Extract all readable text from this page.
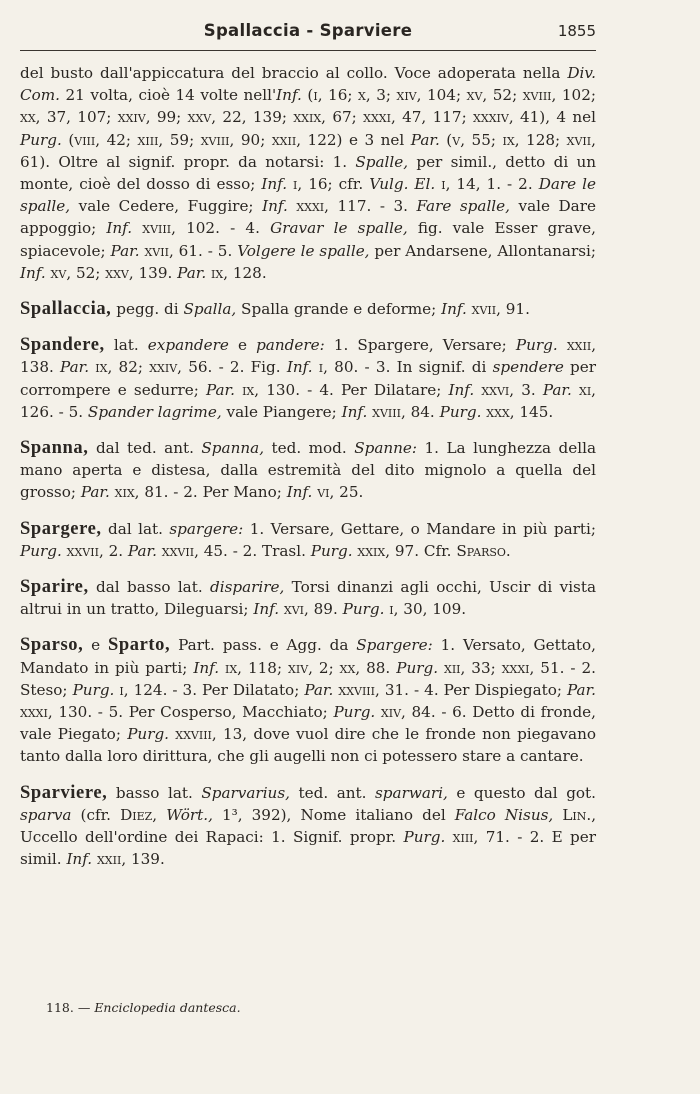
Spallaccia - Sparviere	1855

del busto dall'appiccatura del braccio al collo. Voce adoperata nella Div. Com. 21 volta, cioè 14 volte nell'Inf. (i, 16; x, 3; xiv, 104; xv, 52; xviii, 102; xx, 37, 107; xxiv, 99; xxv, 22, 139; xxix, 67; xxxi, 47, 117; xxxiv, 41), 4 nel Purg. (viii, 42; xiii, 59; xviii, 90; xxii, 122) e 3 nel Par. (v, 55; ix, 128; xvii, 61). Oltre al signif. propr. da notarsi: 1. Spalle, per simil., detto di un monte, cioè del dosso di esso; Inf. i, 16; cfr. Vulg. El. i, 14, 1. - 2. Dare le spalle, vale Cedere, Fuggire; Inf. xxxi, 117. - 3. Fare spalle, vale Dare appoggio; Inf. xviii, 102. - 4. Gravar le spalle, fig. vale Esser grave, spiacevole; Par. xvii, 61. - 5. Volgere le spalle, per Andarsene, Allontanarsi; Inf. xv, 52; xxv, 139. Par. ix, 128.

Spallaccia, pegg. di Spalla, Spalla grande e deforme; Inf. xvii, 91.

Spandere, lat. expandere e pandere: 1. Spargere, Versare; Purg. xxii, 138. Par. ix, 82; xxiv, 56. - 2. Fig. Inf. i, 80. - 3. In signif. di spendere per corrompere e sedurre; Par. ix, 130. - 4. Per Dilatare; Inf. xxvi, 3. Par. xi, 126. - 5. Spander lagrime, vale Piangere; Inf. xviii, 84. Purg. xxx, 145.

Spanna, dal ted. ant. Spanna, ted. mod. Spanne: 1. La lunghezza della mano aperta e distesa, dalla estremità del dito mignolo a quella del grosso; Par. xix, 81. - 2. Per Mano; Inf. vi, 25.

Spargere, dal lat. spargere: 1. Versare, Gettare, o Mandare in più parti; Purg. xxvii, 2. Par. xxvii, 45. - 2. Trasl. Purg. xxix, 97. Cfr. Sparso.

Sparire, dal basso lat. disparire, Torsi dinanzi agli occhi, Uscir di vista altrui in un tratto, Dileguarsi; Inf. xvi, 89. Purg. i, 30, 109.

Sparso, e Sparto, Part. pass. e Agg. da Spargere: 1. Versato, Gettato, Mandato in più parti; Inf. ix, 118; xiv, 2; xx, 88. Purg. xii, 33; xxxi, 51. - 2. Steso; Purg. i, 124. - 3. Per Dilatato; Par. xxviii, 31. - 4. Per Dispiegato; Par. xxxi, 130. - 5. Per Cosperso, Macchiato; Purg. xiv, 84. - 6. Detto di fronde, vale Piegato; Purg. xxviii, 13, dove vuol dire che le fronde non piegavano tanto dalla loro dirittura, che gli augelli non ci potessero stare a cantare.

Sparviere, basso lat. Sparvarius, ted. ant. sparwari, e questo dal got. sparva (cfr. Diez, Wört., 1³, 392), Nome italiano del Falco Nisus, Lin., Uccello dell'ordine dei Rapaci: 1. Signif. propr. Purg. xiii, 71. - 2. E per simil. Inf. xxii, 139.

118. — Enciclopedia dantesca.
